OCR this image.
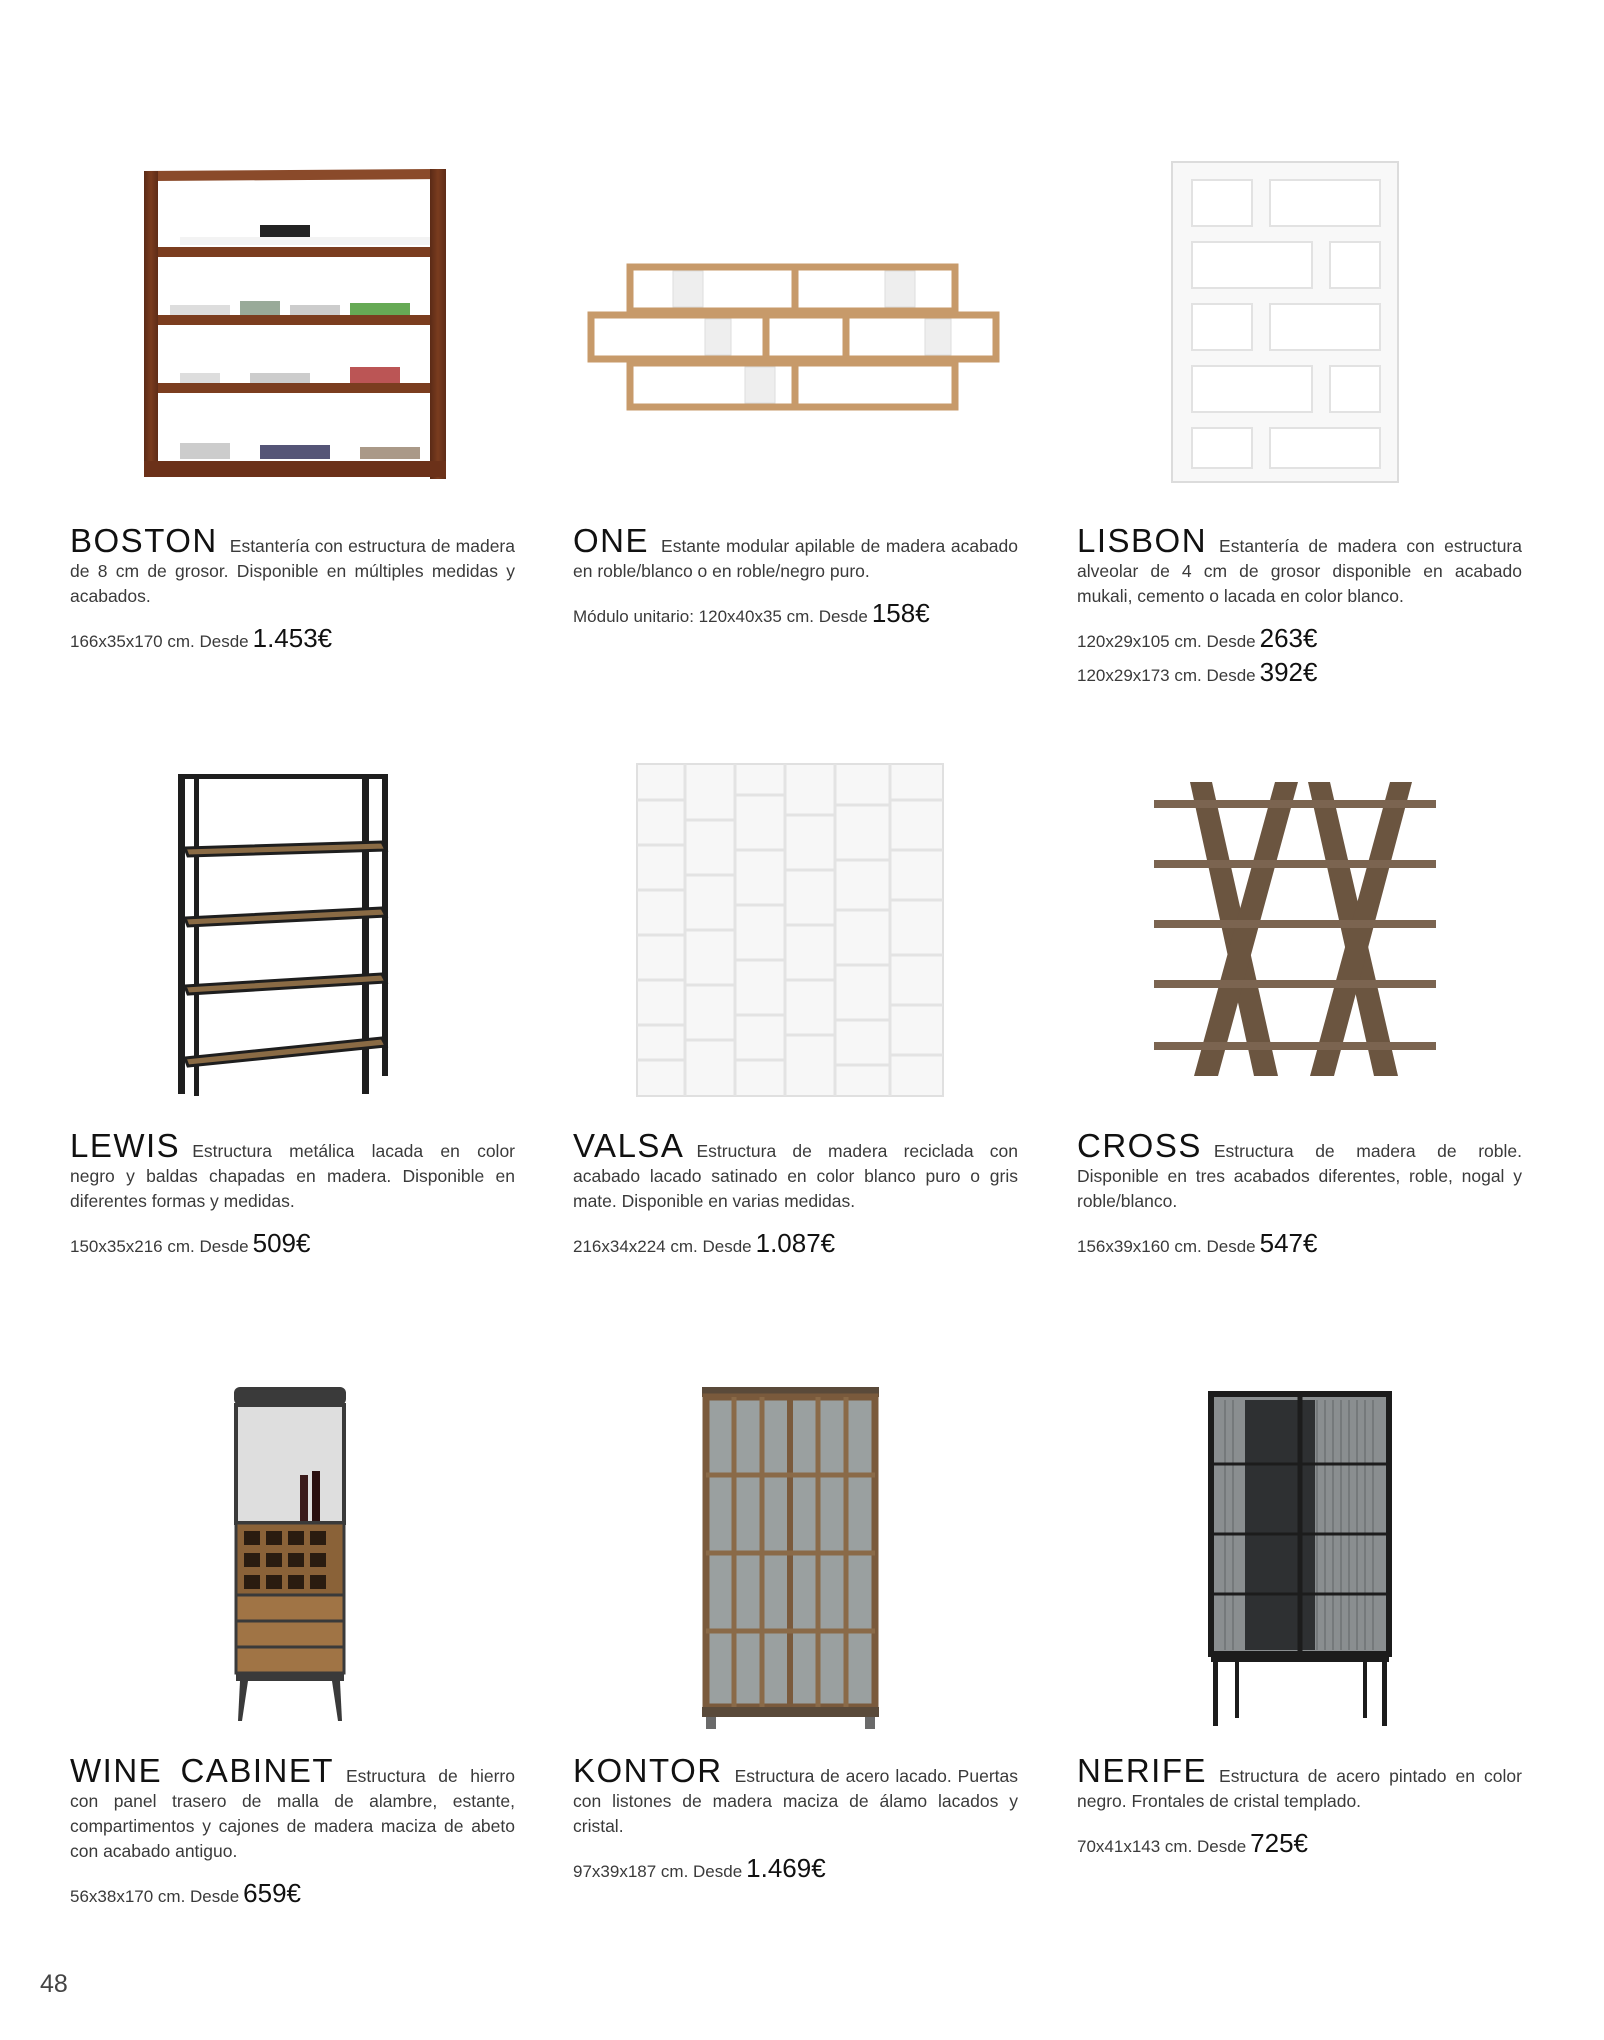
BOSTON Estantería con estructura de madera de 8 cm de grosor. Disponible en múltiples medidas y acabados.

166x35x170 cm. Desde 1.453€

ONE Estante modular apilable de madera acabado en roble/blanco o en roble/negro puro.

Módulo unitario: 120x40x35 cm. Desde 158€

LISBON Estantería de madera con estructura alveolar de 4 cm de grosor disponible en acabado mukali, cemento o lacada en color blanco.

120x29x105 cm. Desde 263€
120x29x173 cm. Desde 392€

LEWIS Estructura metálica lacada en color negro y baldas chapadas en madera. Disponible en diferentes formas y medidas.

150x35x216 cm. Desde 509€

VALSA Estructura de madera reciclada con acabado lacado satinado en color blanco puro o gris mate. Disponible en varias medidas.

216x34x224 cm. Desde 1.087€

CROSS Estructura de madera de roble. Disponible en tres acabados diferentes, roble, nogal y roble/blanco.

156x39x160 cm. Desde 547€

WINE CABINET Estructura de hierro con panel trasero de malla de alambre, estante, compartimentos y cajones de madera maciza de abeto con acabado antiguo.

56x38x170 cm. Desde 659€

KONTOR Estructura de acero lacado. Puertas con listones de madera maciza de álamo lacados y cristal.

97x39x187 cm. Desde 1.469€

NERIFE Estructura de acero pintado en color negro. Frontales de cristal templado.

70x41x143 cm. Desde 725€
48
